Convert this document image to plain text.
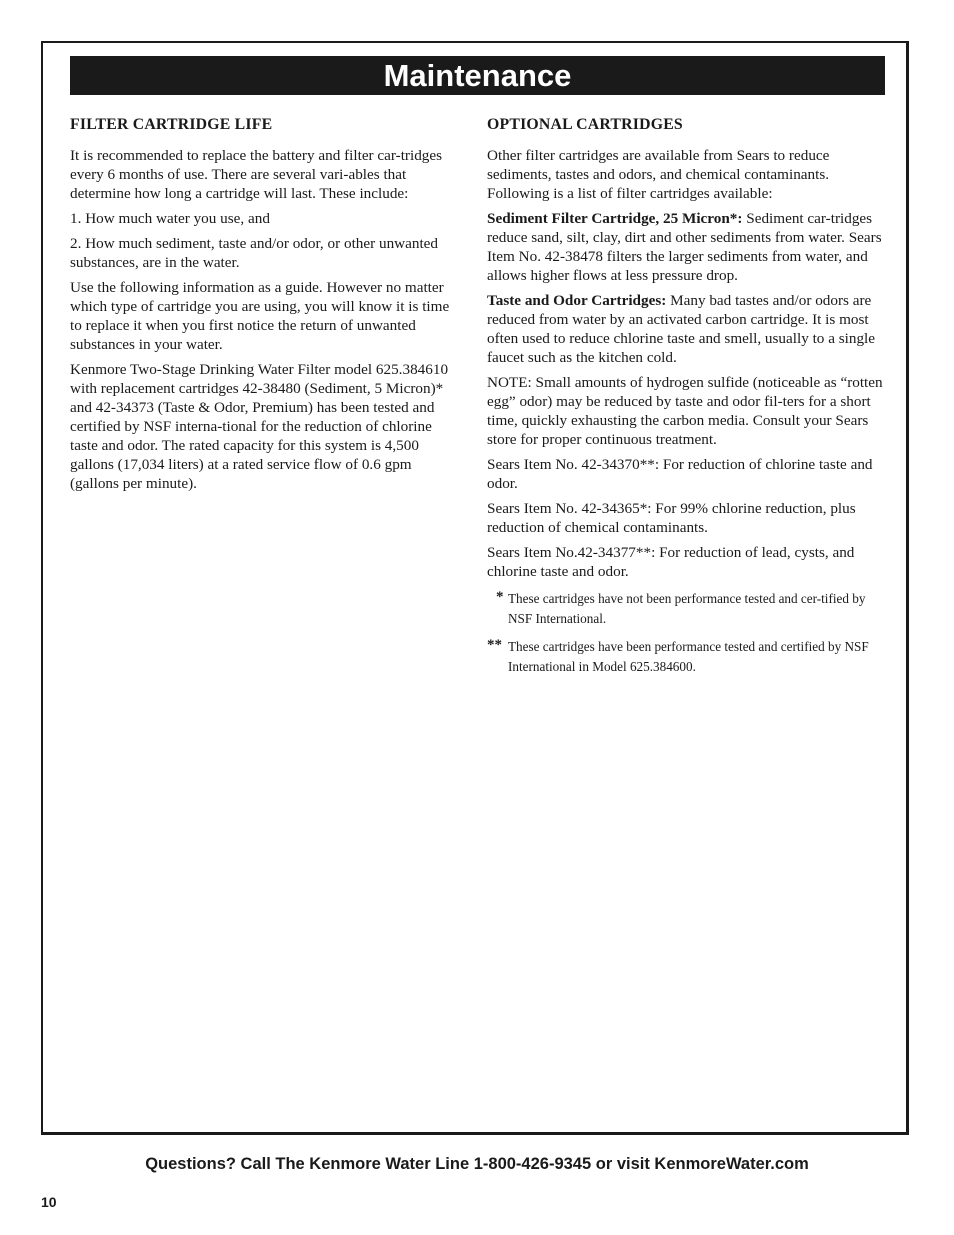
Maintenance
FILTER CARTRIDGE LIFE

It is recommended to replace the battery and filter car-tridges every 6 months of use. There are several vari-ables that determine how long a cartridge will last. These include:

1. How much water you use, and

2. How much sediment, taste and/or odor, or other unwanted substances, are in the water.

Use the following information as a guide. However no matter which type of cartridge you are using, you will know it is time to replace it when you first notice the return of unwanted substances in your water.

Kenmore Two-Stage Drinking Water Filter model 625.384610 with replacement cartridges 42-38480 (Sediment, 5 Micron)* and 42-34373 (Taste & Odor, Premium) has been tested and certified by NSF interna-tional for the reduction of chlorine taste and odor. The rated capacity for this system is 4,500 gallons (17,034 liters) at a rated service flow of 0.6 gpm (gallons per minute).

OPTIONAL CARTRIDGES

Other filter cartridges are available from Sears to reduce sediments, tastes and odors, and chemical contaminants. Following is a list of filter cartridges available:

Sediment Filter Cartridge, 25 Micron*: Sediment car-tridges reduce sand, silt, clay, dirt and other sediments from water. Sears Item No. 42-38478 filters the larger sediments from water, and allows higher flows at less pressure drop.

Taste and Odor Cartridges: Many bad tastes and/or odors are reduced from water by an activated carbon cartridge. It is most often used to reduce chlorine taste and smell, usually to a single faucet such as the kitchen cold.

NOTE: Small amounts of hydrogen sulfide (noticeable as “rotten egg” odor) may be reduced by taste and odor fil-ters for a short time, quickly exhausting the carbon media. Consult your Sears store for proper continuous treatment.

Sears Item No. 42-34370**: For reduction of chlorine taste and odor.

Sears Item No. 42-34365*: For 99% chlorine reduction, plus reduction of chemical contaminants.

Sears Item No.42-34377**: For reduction of lead, cysts, and chlorine taste and odor.

* These cartridges have not been performance tested and cer-tified by NSF International.
** These cartridges have been performance tested and certified by NSF International in Model 625.384600.
Questions? Call The Kenmore Water Line 1-800-426-9345 or visit KenmoreWater.com
10
